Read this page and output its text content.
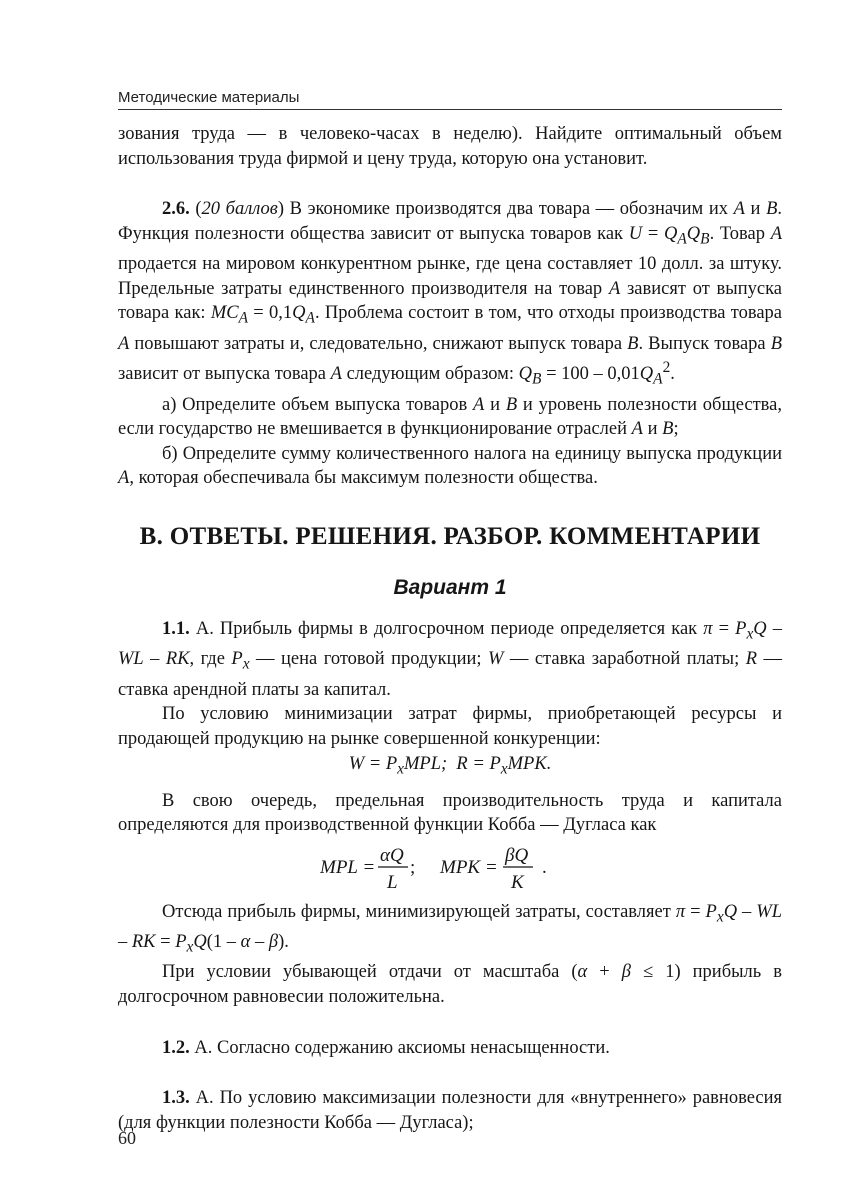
Методические материалы

зования труда — в человеко-часах в неделю). Найдите оптимальный объем использования труда фирмой и цену труда, которую она установит.

2.6. (20 баллов) В экономике производятся два товара — обозначим их A и B. Функция полезности общества зависит от выпуска товаров как $U = Q_AQ_B$. Товар A продается на мировом конкурентном рынке, где цена составляет 10 долл. за штуку. Предельные затраты единственного производителя на товар A зависят от выпуска товара как: $MC_A = 0,1Q_A$. Проблема состоит в том, что отходы производства товара A повышают затраты и, следовательно, снижают выпуск товара B. Выпуск товара B зависит от выпуска товара A следующим образом: $Q_B = 100 - 0,01Q_A^2$.

а) Определите объем выпуска товаров A и B и уровень полезности общества, если государство не вмешивается в функционирование отраслей A и B;

б) Определите сумму количественного налога на единицу выпуска продукции A, которая обеспечивала бы максимум полезности общества.

В. ОТВЕТЫ. РЕШЕНИЯ. РАЗБОР. КОММЕНТАРИИ
Вариант 1

1.1. А. Прибыль фирмы в долгосрочном периоде определяется как $\pi = P_xQ$ – WL – RK, где $P_x$ — цена готовой продукции; W — ставка заработной платы; R — ставка арендной платы за капитал.

По условию минимизации затрат фирмы, приобретающей ресурсы и продающей продукцию на рынке совершенной конкуренции:

$W = P_xMPL$;  $R = P_xMPK$.

В свою очередь, предельная производительность труда и капитала определяются для производственной функции Кобба — Дугласа как

MPL =
αQ
L
; MPK =
βQ
K
.

Отсюда прибыль фирмы, минимизирующей затраты, составляет $\pi = P_xQ$ – WL – RK = $P_xQ(1$ – α – β).

При условии убывающей отдачи от масштаба (α + β ≤ 1) прибыль в долгосрочном равновесии положительна.

1.2. А. Согласно содержанию аксиомы ненасыщенности.

1.3. А. По условию максимизации полезности для «внутреннего» равновесия (для функции полезности Кобба — Дугласа);

60
